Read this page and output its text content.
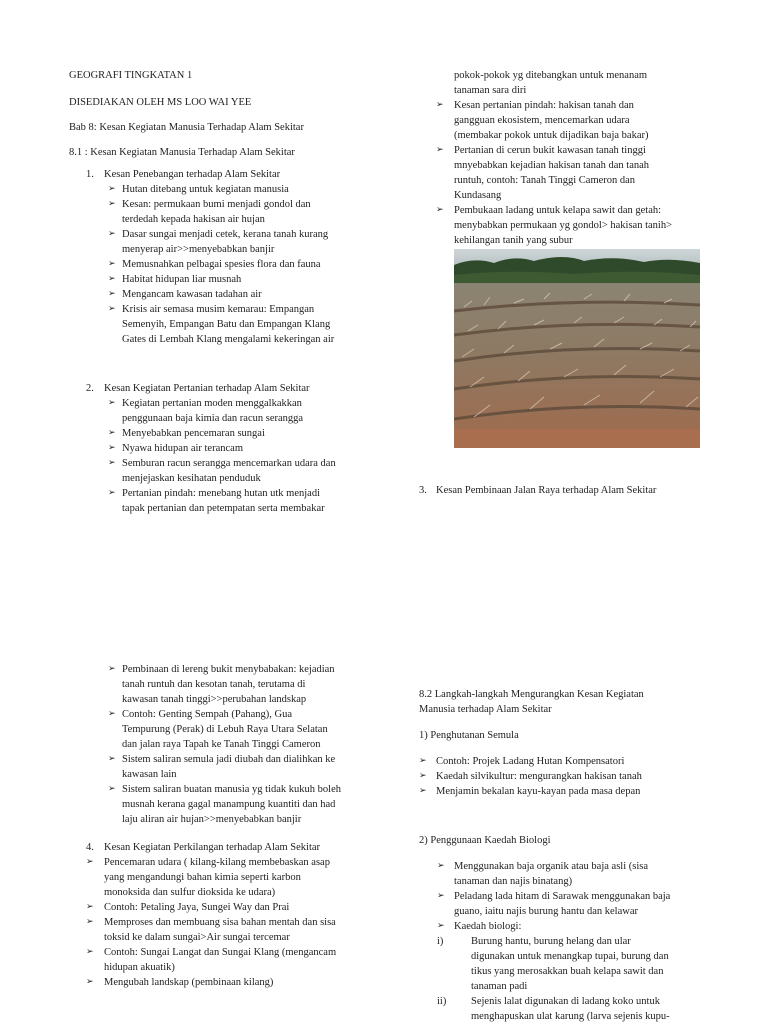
GEOGRAFI TINGKATAN 1
DISEDIAKAN OLEH MS LOO WAI YEE
Bab 8: Kesan Kegiatan Manusia Terhadap Alam Sekitar
8.1 : Kesan Kegiatan Manusia Terhadap Alam Sekitar
1. Kesan Penebangan terhadap Alam Sekitar
➢ Hutan ditebang untuk kegiatan manusia
➢ Kesan: permukaan bumi menjadi gondol dan
terdedah kepada hakisan air hujan
➢ Dasar sungai menjadi cetek, kerana tanah kurang
menyerap air>>menyebabkan banjir
➢ Memusnahkan pelbagai spesies flora dan fauna
➢ Habitat hidupan liar musnah
➢ Mengancam kawasan tadahan air
➢ Krisis air semasa musim kemarau: Empangan
Semenyih, Empangan Batu dan Empangan Klang
Gates di Lembah Klang mengalami kekeringan air
2. Kesan Kegiatan Pertanian terhadap Alam Sekitar
➢ Kegiatan pertanian moden menggalkakkan
penggunaan baja kimia dan racun serangga
➢ Menyebabkan pencemaran sungai
➢ Nyawa hidupan air terancam
➢ Semburan racun serangga mencemarkan udara dan
menjejaskan kesihatan penduduk
➢ Pertanian pindah: menebang hutan utk menjadi
tapak pertanian dan petempatan serta membakar
➢ Pembinaan di lereng bukit menybabakan: kejadian
tanah runtuh dan kesotan tanah, terutama di
kawasan tanah tinggi>>perubahan landskap
➢ Contoh: Genting Sempah (Pahang), Gua
Tempurung (Perak) di Lebuh Raya Utara Selatan
dan jalan raya Tapah ke Tanah Tinggi Cameron
➢ Sistem saliran semula jadi diubah dan dialihkan ke
kawasan lain
➢ Sistem saliran buatan manusia yg tidak kukuh boleh
musnah kerana gagal manampung kuantiti dan had
laju aliran air hujan>>menyebabkan banjir
4. Kesan Kegiatan Perkilangan terhadap Alam Sekitar
➢ Pencemaran udara ( kilang-kilang membebaskan asap
yang mengandungi bahan kimia seperti karbon
monoksida dan sulfur dioksida ke udara)
➢ Contoh: Petaling Jaya, Sungei Way dan Prai
➢ Memproses dan membuang sisa bahan mentah dan sisa
toksid ke dalam sungai>Air sungai tercemar
➢ Contoh: Sungai Langat dan Sungai Klang (mengancam
hidupan akuatik)
➢ Mengubah landskap (pembinaan kilang)
pokok-pokok yg ditebangkan untuk menanam
tanaman sara diri
➢ Kesan pertanian pindah: hakisan tanah dan
gangguan ekosistem, mencemarkan udara
(membakar pokok untuk dijadikan baja bakar)
➢ Pertanian di cerun bukit kawasan tanah tinggi
mnyebabkan kejadian hakisan tanah dan tanah
runtuh, contoh: Tanah Tinggi Cameron dan
Kundasang
➢ Pembukaan ladang untuk kelapa sawit dan getah:
menybabkan permukaan yg gondol> hakisan tanih>
kehilangan tanih yang subur
3. Kesan Pembinaan Jalan Raya terhadap Alam Sekitar
8.2 Langkah-langkah Mengurangkan Kesan Kegiatan
Manusia terhadap Alam Sekitar
1) Penghutanan Semula
➢ Contoh: Projek Ladang Hutan Kompensatori
➢ Kaedah silvikultur: mengurangkan hakisan tanah
➢ Menjamin bekalan kayu-kayan pada masa depan
2) Penggunaan Kaedah Biologi
➢ Menggunakan baja organik atau baja asli (sisa
tanaman dan najis binatang)
➢ Peladang lada hitam di Sarawak menggunakan baja
guano, iaitu najis burung hantu dan kelawar
➢ Kaedah biologi:
i)	Burung hantu, burung helang dan ular
digunakan untuk menangkap tupai, burung dan
tikus yang merosakkan buah kelapa sawit dan
tanaman padi
ii) Sejenis lalat digunakan di ladang koko untuk
menghapuskan ulat karung (larva sejenis kupu-
